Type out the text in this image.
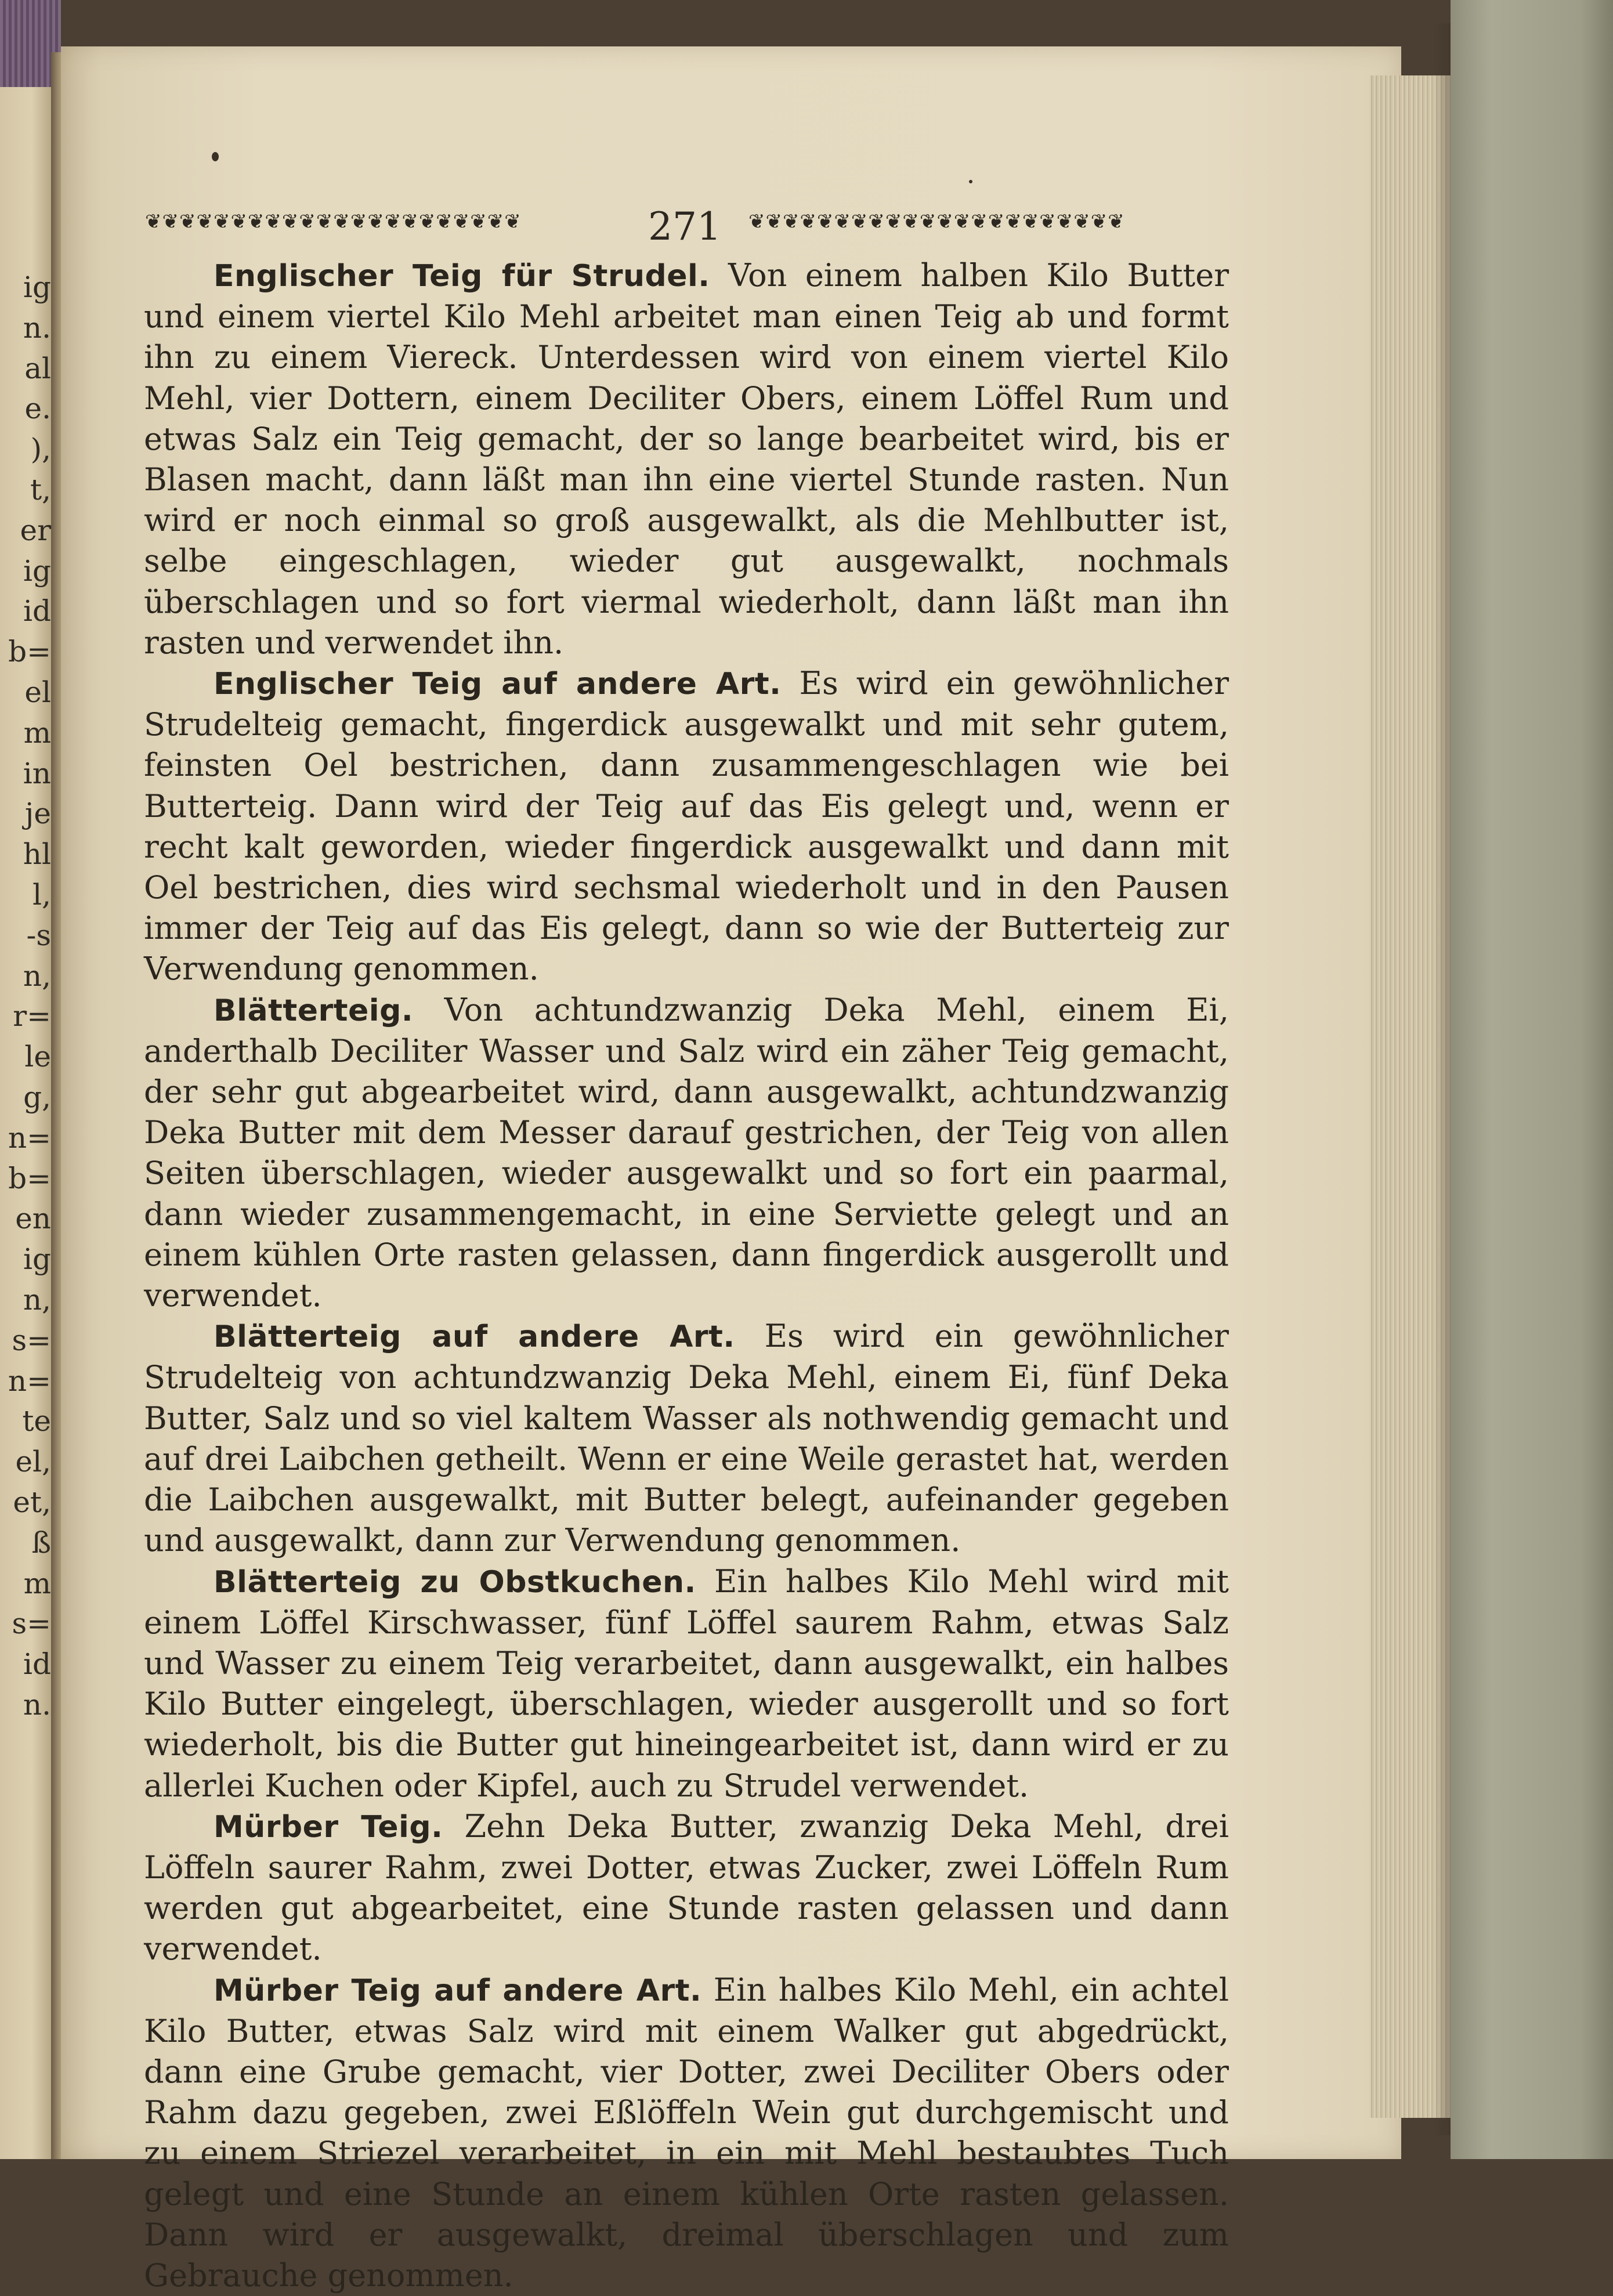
ig
n.
al
e.
),
t,
er
ig
id
b=
el
m
in
je
hl
l,
-s
n,
r=
le
g,
n=
b=
en
ig
n,
s=
n=
te
el,
et,
ß
m
s=
id
n.
❦❦❦❦❦❦❦❦❦❦❦❦❦❦❦❦❦❦❦❦❦❦	271	❦❦❦❦❦❦❦❦❦❦❦❦❦❦❦❦❦❦❦❦❦❦

Englischer Teig für Strudel. Von einem halben Kilo Butter und einem viertel Kilo Mehl arbeitet man einen Teig ab und formt ihn zu einem Viereck. Unterdessen wird von einem viertel Kilo Mehl, vier Dottern, einem Deciliter Obers, einem Löffel Rum und etwas Salz ein Teig gemacht, der so lange bearbeitet wird, bis er Blasen macht, dann läßt man ihn eine viertel Stunde rasten. Nun wird er noch einmal so groß ausgewalkt, als die Mehlbutter ist, selbe eingeschlagen, wieder gut ausgewalkt, nochmals überschlagen und so fort viermal wiederholt, dann läßt man ihn rasten und verwendet ihn.

Englischer Teig auf andere Art. Es wird ein gewöhnlicher Strudelteig gemacht, fingerdick ausgewalkt und mit sehr gutem, feinsten Oel bestrichen, dann zusammengeschlagen wie bei Butterteig. Dann wird der Teig auf das Eis gelegt und, wenn er recht kalt geworden, wieder fingerdick ausgewalkt und dann mit Oel bestrichen, dies wird sechsmal wiederholt und in den Pausen immer der Teig auf das Eis gelegt, dann so wie der Butterteig zur Verwendung genommen.

Blätterteig. Von achtundzwanzig Deka Mehl, einem Ei, anderthalb Deciliter Wasser und Salz wird ein zäher Teig gemacht, der sehr gut abgearbeitet wird, dann ausgewalkt, achtundzwanzig Deka Butter mit dem Messer darauf gestrichen, der Teig von allen Seiten überschlagen, wieder ausgewalkt und so fort ein paarmal, dann wieder zusammengemacht, in eine Serviette gelegt und an einem kühlen Orte rasten gelassen, dann fingerdick ausgerollt und verwendet.

Blätterteig auf andere Art. Es wird ein gewöhnlicher Strudelteig von achtundzwanzig Deka Mehl, einem Ei, fünf Deka Butter, Salz und so viel kaltem Wasser als nothwendig gemacht und auf drei Laibchen getheilt. Wenn er eine Weile gerastet hat, werden die Laibchen ausgewalkt, mit Butter belegt, aufeinander gegeben und ausgewalkt, dann zur Verwendung genommen.

Blätterteig zu Obstkuchen. Ein halbes Kilo Mehl wird mit einem Löffel Kirschwasser, fünf Löffel saurem Rahm, etwas Salz und Wasser zu einem Teig verarbeitet, dann ausgewalkt, ein halbes Kilo Butter eingelegt, überschlagen, wieder ausgerollt und so fort wiederholt, bis die Butter gut hineingearbeitet ist, dann wird er zu allerlei Kuchen oder Kipfel, auch zu Strudel verwendet.

Mürber Teig. Zehn Deka Butter, zwanzig Deka Mehl, drei Löffeln saurer Rahm, zwei Dotter, etwas Zucker, zwei Löffeln Rum werden gut abgearbeitet, eine Stunde rasten gelassen und dann verwendet.

Mürber Teig auf andere Art. Ein halbes Kilo Mehl, ein achtel Kilo Butter, etwas Salz wird mit einem Walker gut abgedrückt, dann eine Grube gemacht, vier Dotter, zwei Deciliter Obers oder Rahm dazu gegeben, zwei Eßlöffeln Wein gut durchgemischt und zu einem Striezel verarbeitet, in ein mit Mehl bestaubtes Tuch gelegt und eine Stunde an einem kühlen Orte rasten gelassen. Dann wird er ausgewalkt, dreimal überschlagen und zum Gebrauche genommen.
